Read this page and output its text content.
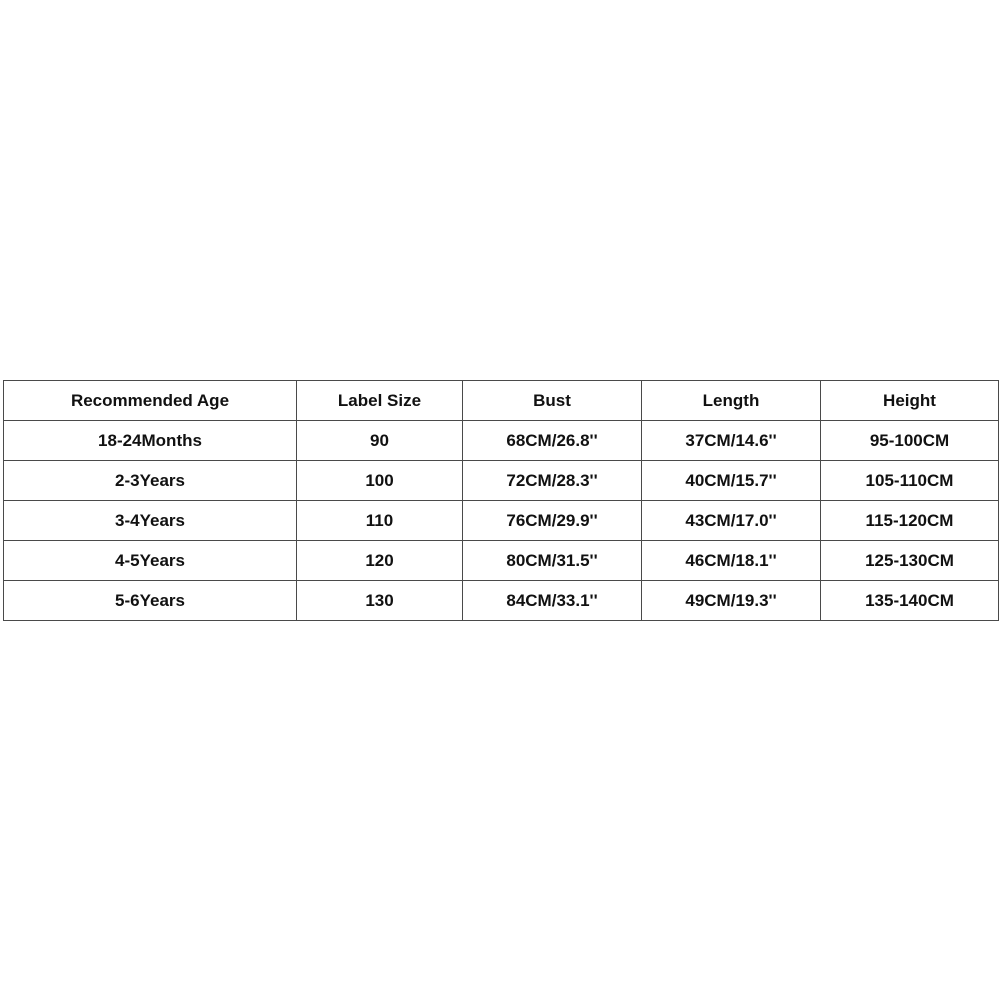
Recommended Age	Label Size	Bust	Length	Height
18-24Months	90	68CM/26.8''	37CM/14.6''	95-100CM
2-3Years	100	72CM/28.3''	40CM/15.7''	105-110CM
3-4Years	110	76CM/29.9''	43CM/17.0''	115-120CM
4-5Years	120	80CM/31.5''	46CM/18.1''	125-130CM
5-6Years	130	84CM/33.1''	49CM/19.3''	135-140CM
